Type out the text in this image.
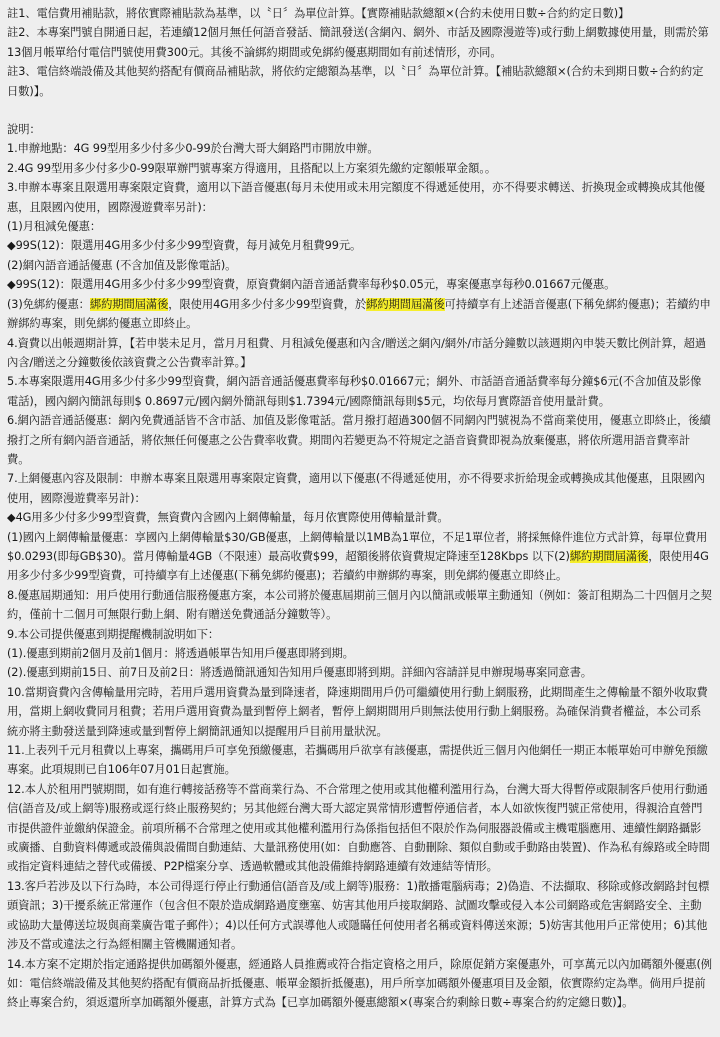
註1、電信費用補貼款，將依實際補貼款為基準，以〝日〞為單位計算。【實際補貼款總額×(合約未使用日數÷合約約定日數)】

註2、本專案門號自開通日起，若連續12個月無任何語音發話、簡訊發送(含網內、網外、市話及國際漫遊等)或行動上網數據使用量，則需於第13個月帳單给付電信門號使用費300元。其後不論綁約期間或免綁約優惠期間如有前述情形，亦同。

註3、電信終端設備及其他契約搭配有價商品補貼款，將依約定總額為基準，以〝日〞為單位計算。【補貼款總額×(合約未到期日數÷合約約定日數)】。

說明：

1.申辦地點：4G 99型用多少付多少0-99於台灣大哥大網路門市開放申辦。

2.4G 99型用多少付多少0-99限單辦門號專案方得適用，且搭配以上方案須先繳約定額帳單金額。。

3.申辦本專案且限選用專案限定資費，適用以下語音優惠(每月未使用或未用完額度不得遞延使用，亦不得要求轉送、折換現金或轉換成其他優惠，且限國內使用，國際漫遊費率另計)：

(1)月租減免優惠：

◆99S(12)：限選用4G用多少付多少99型資費，每月減免月租費99元。

(2)網內語音通話優惠 (不含加值及影像電話)。

◆99S(12)：限選用4G用多少付多少99型資費，原資費網內語音通話費率每秒$0.05元，專案優惠享每秒0.01667元優惠。

(3)免綁約優惠：綁約期間屆滿後，限使用4G用多少付多少99型資費，於綁約期間屆滿後可持續享有上述語音優惠(下稱免綁約優惠)；若續約申辦綁約專案，則免綁約優惠立即終止。

4.資費以出帳週期計算，【若申裝未足月，當月月租費、月租減免優惠和內含/贈送之網內/網外/市話分鐘數以該週期內申裝天數比例計算，超過內含/贈送之分鐘數後依該資費之公告費率計算。】

5.本專案限選用4G用多少付多少99型資費，網內語音通話優惠費率每秒$0.01667元；網外、市話語音通話費率每分鐘$6元(不含加值及影像電話)，國內網內簡訊每則$ 0.8697元/國內網外簡訊每則$1.7394元/國際簡訊每則$5元，均依每月實際語音使用量計費。

6.網內語音通話優惠：網內免費通話皆不含市話、加值及影像電話。當月撥打超過300個不同網內門號視為不當商業使用，優惠立即終止，後續撥打之所有網內語音通話，將依無任何優惠之公告費率收費。期間內若變更為不符規定之語音資費即視為放棄優惠，將依所選用語音費率計費。

7.上網優惠內容及限制：申辦本專案且限選用專案限定資費，適用以下優惠(不得遞延使用，亦不得要求折給現金或轉換成其他優惠，且限國內使用，國際漫遊費率另計)：

◆4G用多少付多少99型資費，無資費內含國內上網傳輸量，每月依實際使用傳輸量計費。

(1)國內上網傳輸量優惠：享國內上網傳輸量$30/GB優惠，上網傳輸量以1MB為1單位，不足1單位者，將採無條件進位方式計算，每單位費用$0.0293(即每GB$30)。當月傳輸量4GB（不限速）最高收費$99，超額後將依資費規定降速至128Kbps 以下(2)綁約期間屆滿後，限使用4G用多少付多少99型資費，可持續享有上述優惠(下稱免綁約優惠)；若續約申辦綁約專案，則免綁約優惠立即終止。

8.優惠屆期通知：用戶使用行動通信服務優惠方案，本公司將於優惠屆期前三個月內以簡訊或帳單主動通知（例如：簽訂租期為二十四個月之契約，僅前十二個月可無限行動上網、附有贈送免費通話分鐘數等）。

9.本公司提供優惠到期提醒機制說明如下：

(1).優惠到期前2個月及前1個月：將透過帳單告知用戶優惠即將到期。

(2).優惠到期前15日、前7日及前2日：將透過簡訊通知告知用戶優惠即將到期。詳細內容請詳見申辦現場專案同意書。

10.當期資費內含傳輸量用完時，若用戶選用資費為量到降速者，降速期間用戶仍可繼續使用行動上網服務，此期間產生之傳輸量不額外收取費用，當期上網收費同月租費；若用戶選用資費為量到暫停上網者，暫停上網期間用戶則無法使用行動上網服務。為確保消費者權益，本公司系統亦將主動發送量到降速或量到暫停上網簡訊通知以提醒用戶目前用量狀況。

11.上表列千元月租費以上專案，攜碼用戶可享免預繳優惠，若攜碼用戶欲享有該優惠，需提供近三個月內他網任一期正本帳單始可申辦免預繳專案。此項規則已自106年07月01日起實施。

12.本人於租用門號期間，如有進行轉接話務等不當商業行為、不合常理之使用或其他權利濫用行為，台灣大哥大得暫停或限制客戶使用行動通信(語音及/或上網等)服務或逕行終止服務契約；另其他經台灣大哥大認定異常情形遭暫停通信者，本人如欲恢復門號正常使用，得親洽直營門市提供證件並繳納保證金。前項所稱不合常理之使用或其他權利濫用行為係指包括但不限於作為伺服器設備或主機電腦應用、連續性網路攝影或廣播、自動資料傳遞或設備與設備間自動連結、大量訊務使用(如：自動應答、自動刪除、類似自動或手動路由裝置)、作為私有線路或全時間或指定資料連結之替代或備援、P2P檔案分享、透過軟體或其他設備維持網路連續有效連結等情形。

13.客戶若涉及以下行為時，本公司得逕行停止行動通信(語音及/或上網等)服務：1)散播電腦病毒；2)偽造、不法擷取、移除或修改網路封包標頭資訊；3)干擾系統正常運作（包含但不限於造成網路過度壅塞、妨害其他用戶接取網路、試圖攻擊或侵入本公司網路或危害網路安全、主動或協助大量傳送垃圾與商業廣告電子郵件）；4)以任何方式誤導他人或隱瞞任何使用者名稱或資料傳送來源；5)妨害其他用戶正常使用；6)其他涉及不當或違法之行為經相關主管機關通知者。

14.本方案不定期於指定通路提供加碼額外優惠，經通路人員推薦或符合指定資格之用戶，除原促銷方案優惠外，可享萬元以內加碼額外優惠(例如：電信終端設備及其他契約搭配有價商品折抵優惠、帳單金額折抵優惠)，用戶所享加碼額外優惠項目及金額，依實際約定為準。倘用戶提前終止專案合約，須返還所享加碼額外優惠，計算方式為【已享加碼額外優惠總額×(專案合約剩餘日數÷專案合約約定總日數)】。
